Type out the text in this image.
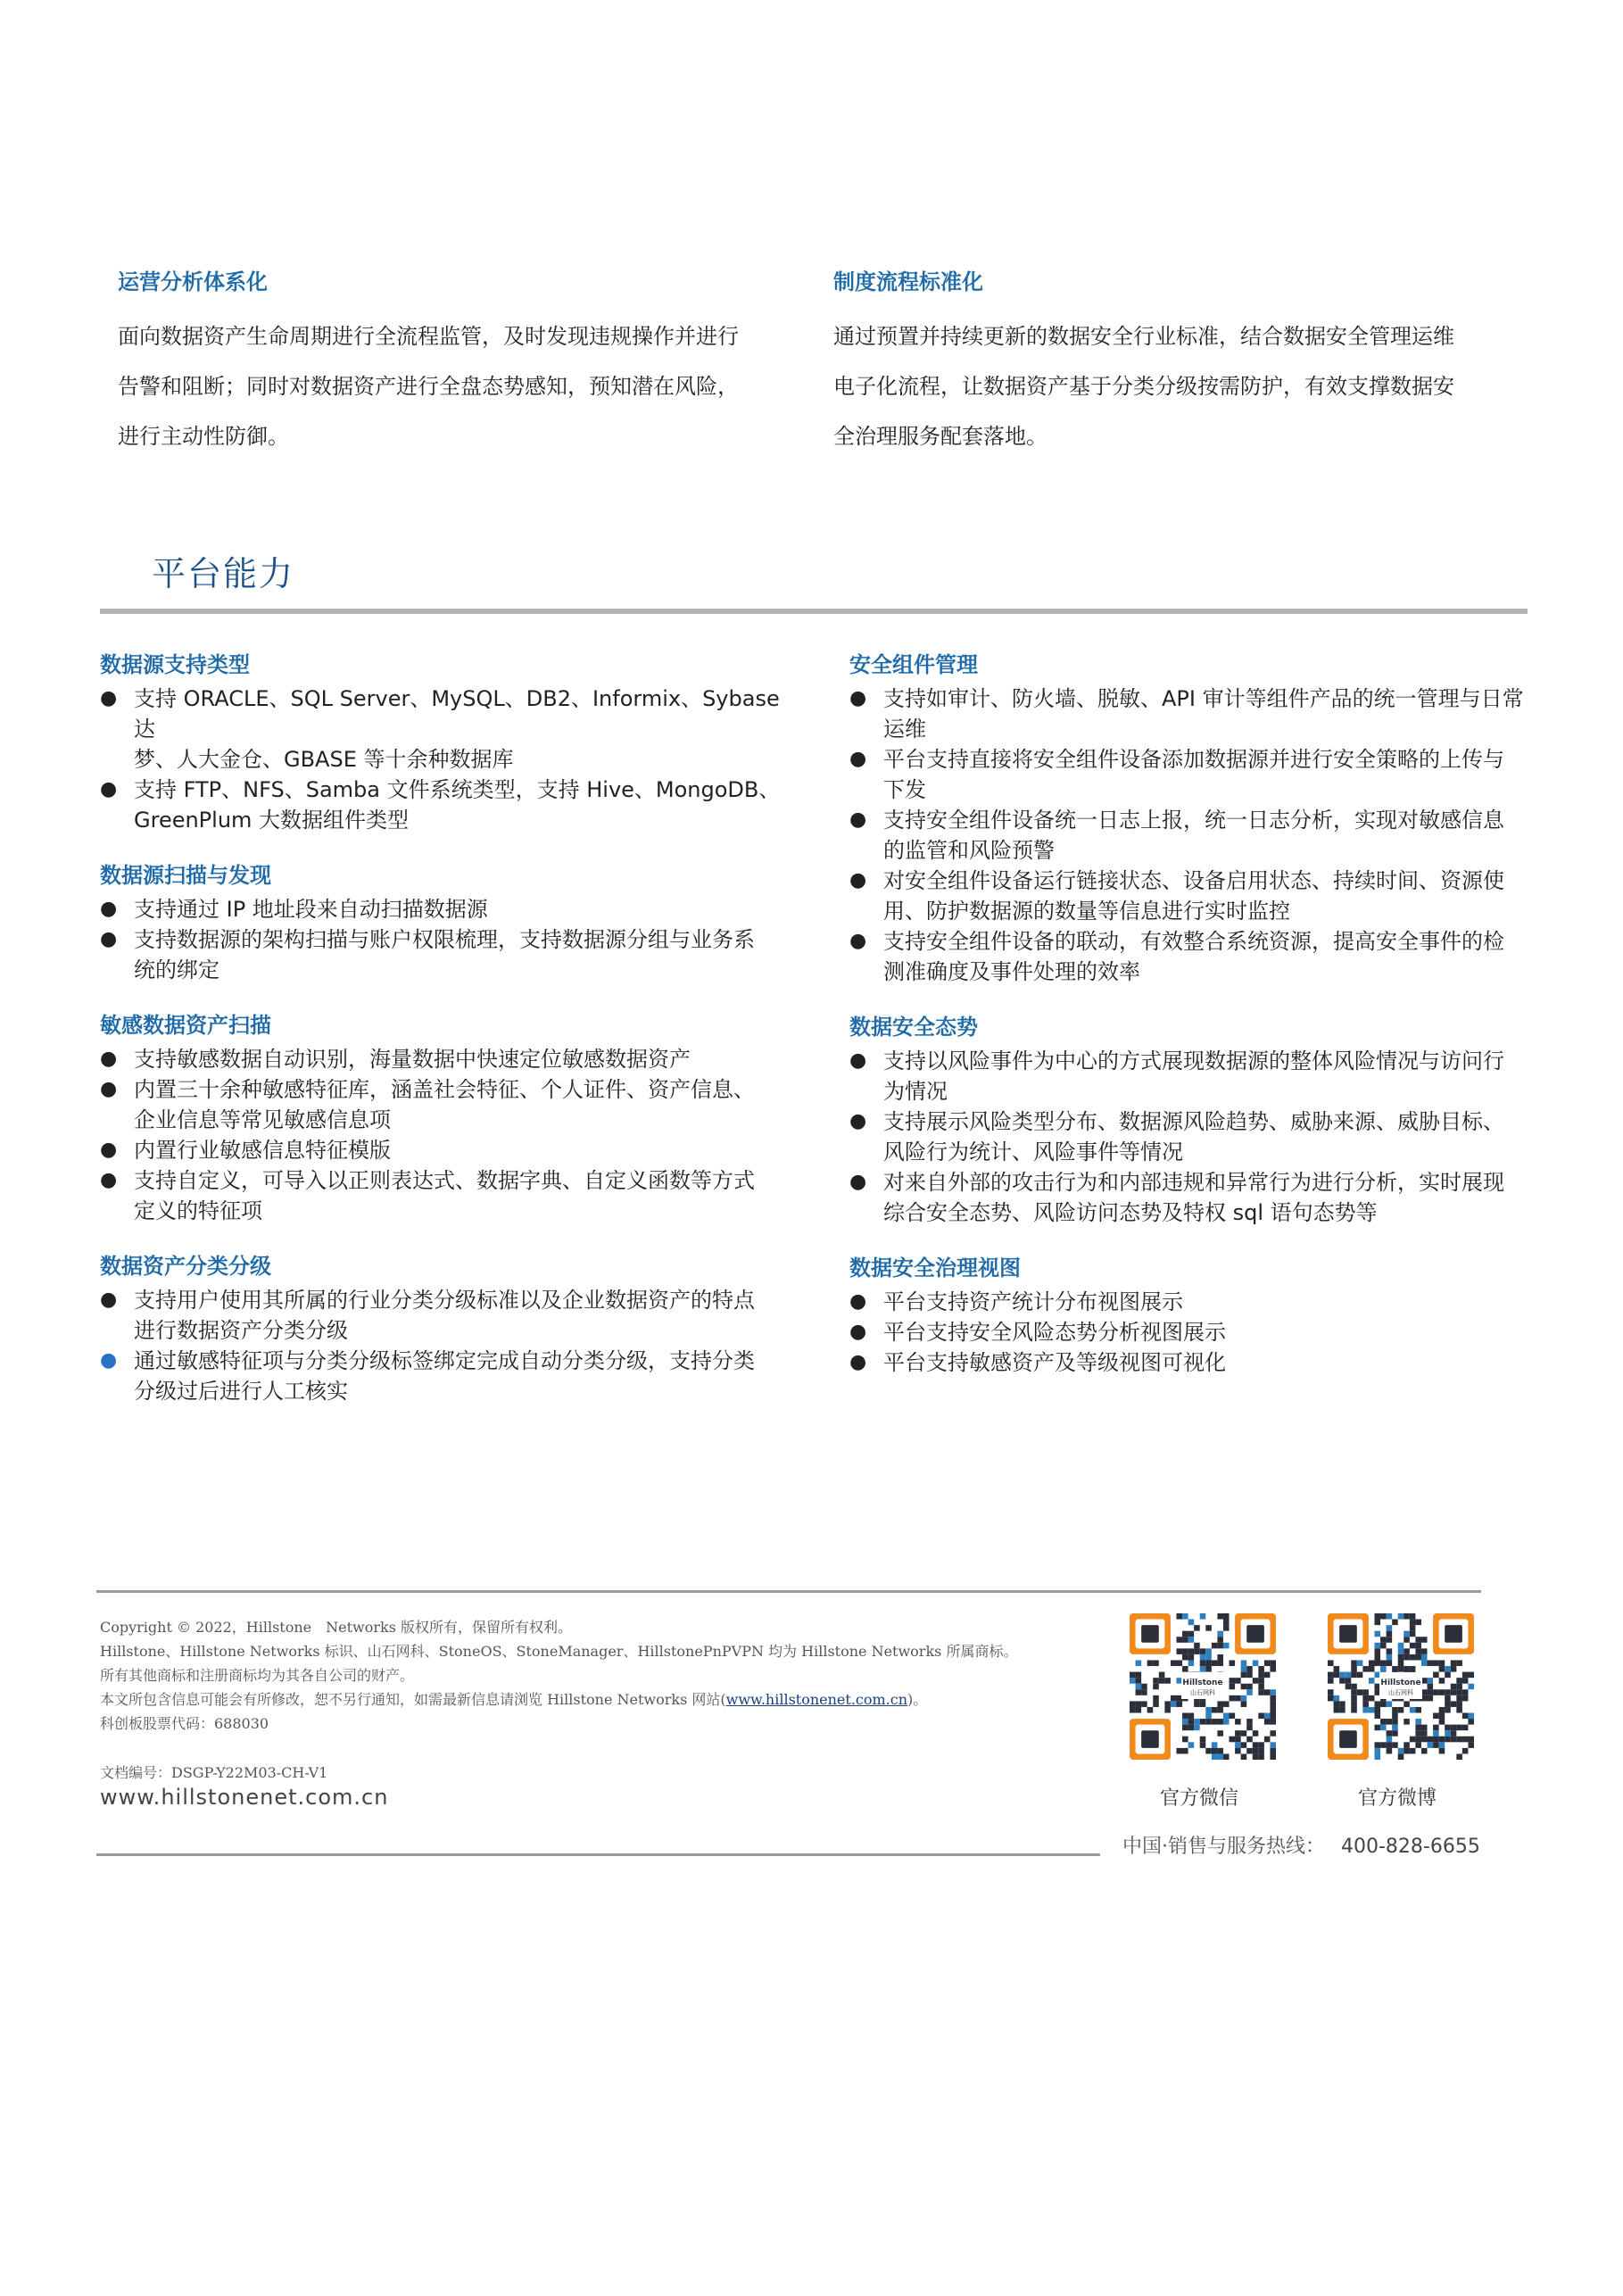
运营分析体系化

面向数据资产生命周期进行全流程监管，及时发现违规操作并进行
告警和阻断；同时对数据资产进行全盘态势感知，预知潜在风险，
进行主动性防御。

制度流程标准化

通过预置并持续更新的数据安全行业标准，结合数据安全管理运维
电子化流程，让数据资产基于分类分级按需防护，有效支撑数据安
全治理服务配套落地。

平台能力
数据源支持类型
● 支持 ORACLE、SQL Server、MySQL、DB2、Informix、Sybase 达
梦、人大金仓、GBASE 等十余种数据库
● 支持 FTP、NFS、Samba 文件系统类型，支持 Hive、MongoDB、
GreenPlum 大数据组件类型
数据源扫描与发现
● 支持通过 IP 地址段来自动扫描数据源
● 支持数据源的架构扫描与账户权限梳理，支持数据源分组与业务系
统的绑定
敏感数据资产扫描
● 支持敏感数据自动识别，海量数据中快速定位敏感数据资产
● 内置三十余种敏感特征库，涵盖社会特征、个人证件、资产信息、
企业信息等常见敏感信息项
● 内置行业敏感信息特征模版
● 支持自定义，可导入以正则表达式、数据字典、自定义函数等方式
定义的特征项
数据资产分类分级
● 支持用户使用其所属的行业分类分级标准以及企业数据资产的特点
进行数据资产分类分级
● 通过敏感特征项与分类分级标签绑定完成自动分类分级，支持分类
分级过后进行人工核实
安全组件管理
● 支持如审计、防火墙、脱敏、API 审计等组件产品的统一管理与日常
运维
● 平台支持直接将安全组件设备添加数据源并进行安全策略的上传与
下发
● 支持安全组件设备统一日志上报，统一日志分析，实现对敏感信息
的监管和风险预警
● 对安全组件设备运行链接状态、设备启用状态、持续时间、资源使
用、防护数据源的数量等信息进行实时监控
● 支持安全组件设备的联动，有效整合系统资源，提高安全事件的检
测准确度及事件处理的效率
数据安全态势
● 支持以风险事件为中心的方式展现数据源的整体风险情况与访问行
为情况
● 支持展示风险类型分布、数据源风险趋势、威胁来源、威胁目标、
风险行为统计、风险事件等情况
● 对来自外部的攻击行为和内部违规和异常行为进行分析，实时展现
综合安全态势、风险访问态势及特权 sql 语句态势等
数据安全治理视图
● 平台支持资产统计分布视图展示
● 平台支持安全风险态势分析视图展示
● 平台支持敏感资产及等级视图可视化
Copyright © 2022，Hillstone　Networks 版权所有，保留所有权利。
Hillstone、Hillstone Networks 标识、山石网科、StoneOS、StoneManager、HillstonePnPVPN 均为 Hillstone Networks 所属商标。
所有其他商标和注册商标均为其各自公司的财产。
本文所包含信息可能会有所修改，恕不另行通知，如需最新信息请浏览 Hillstone Networks 网站(www.hillstonenet.com.cn)。
科创板股票代码：688030
文档编号：DSGP-Y22M03-CH-V1
www.hillstonenet.com.cn
Hillstone
山石网科
Hillstone
山石网科
官方微信	官方微博
中国·销售与服务热线： 400-828-6655
